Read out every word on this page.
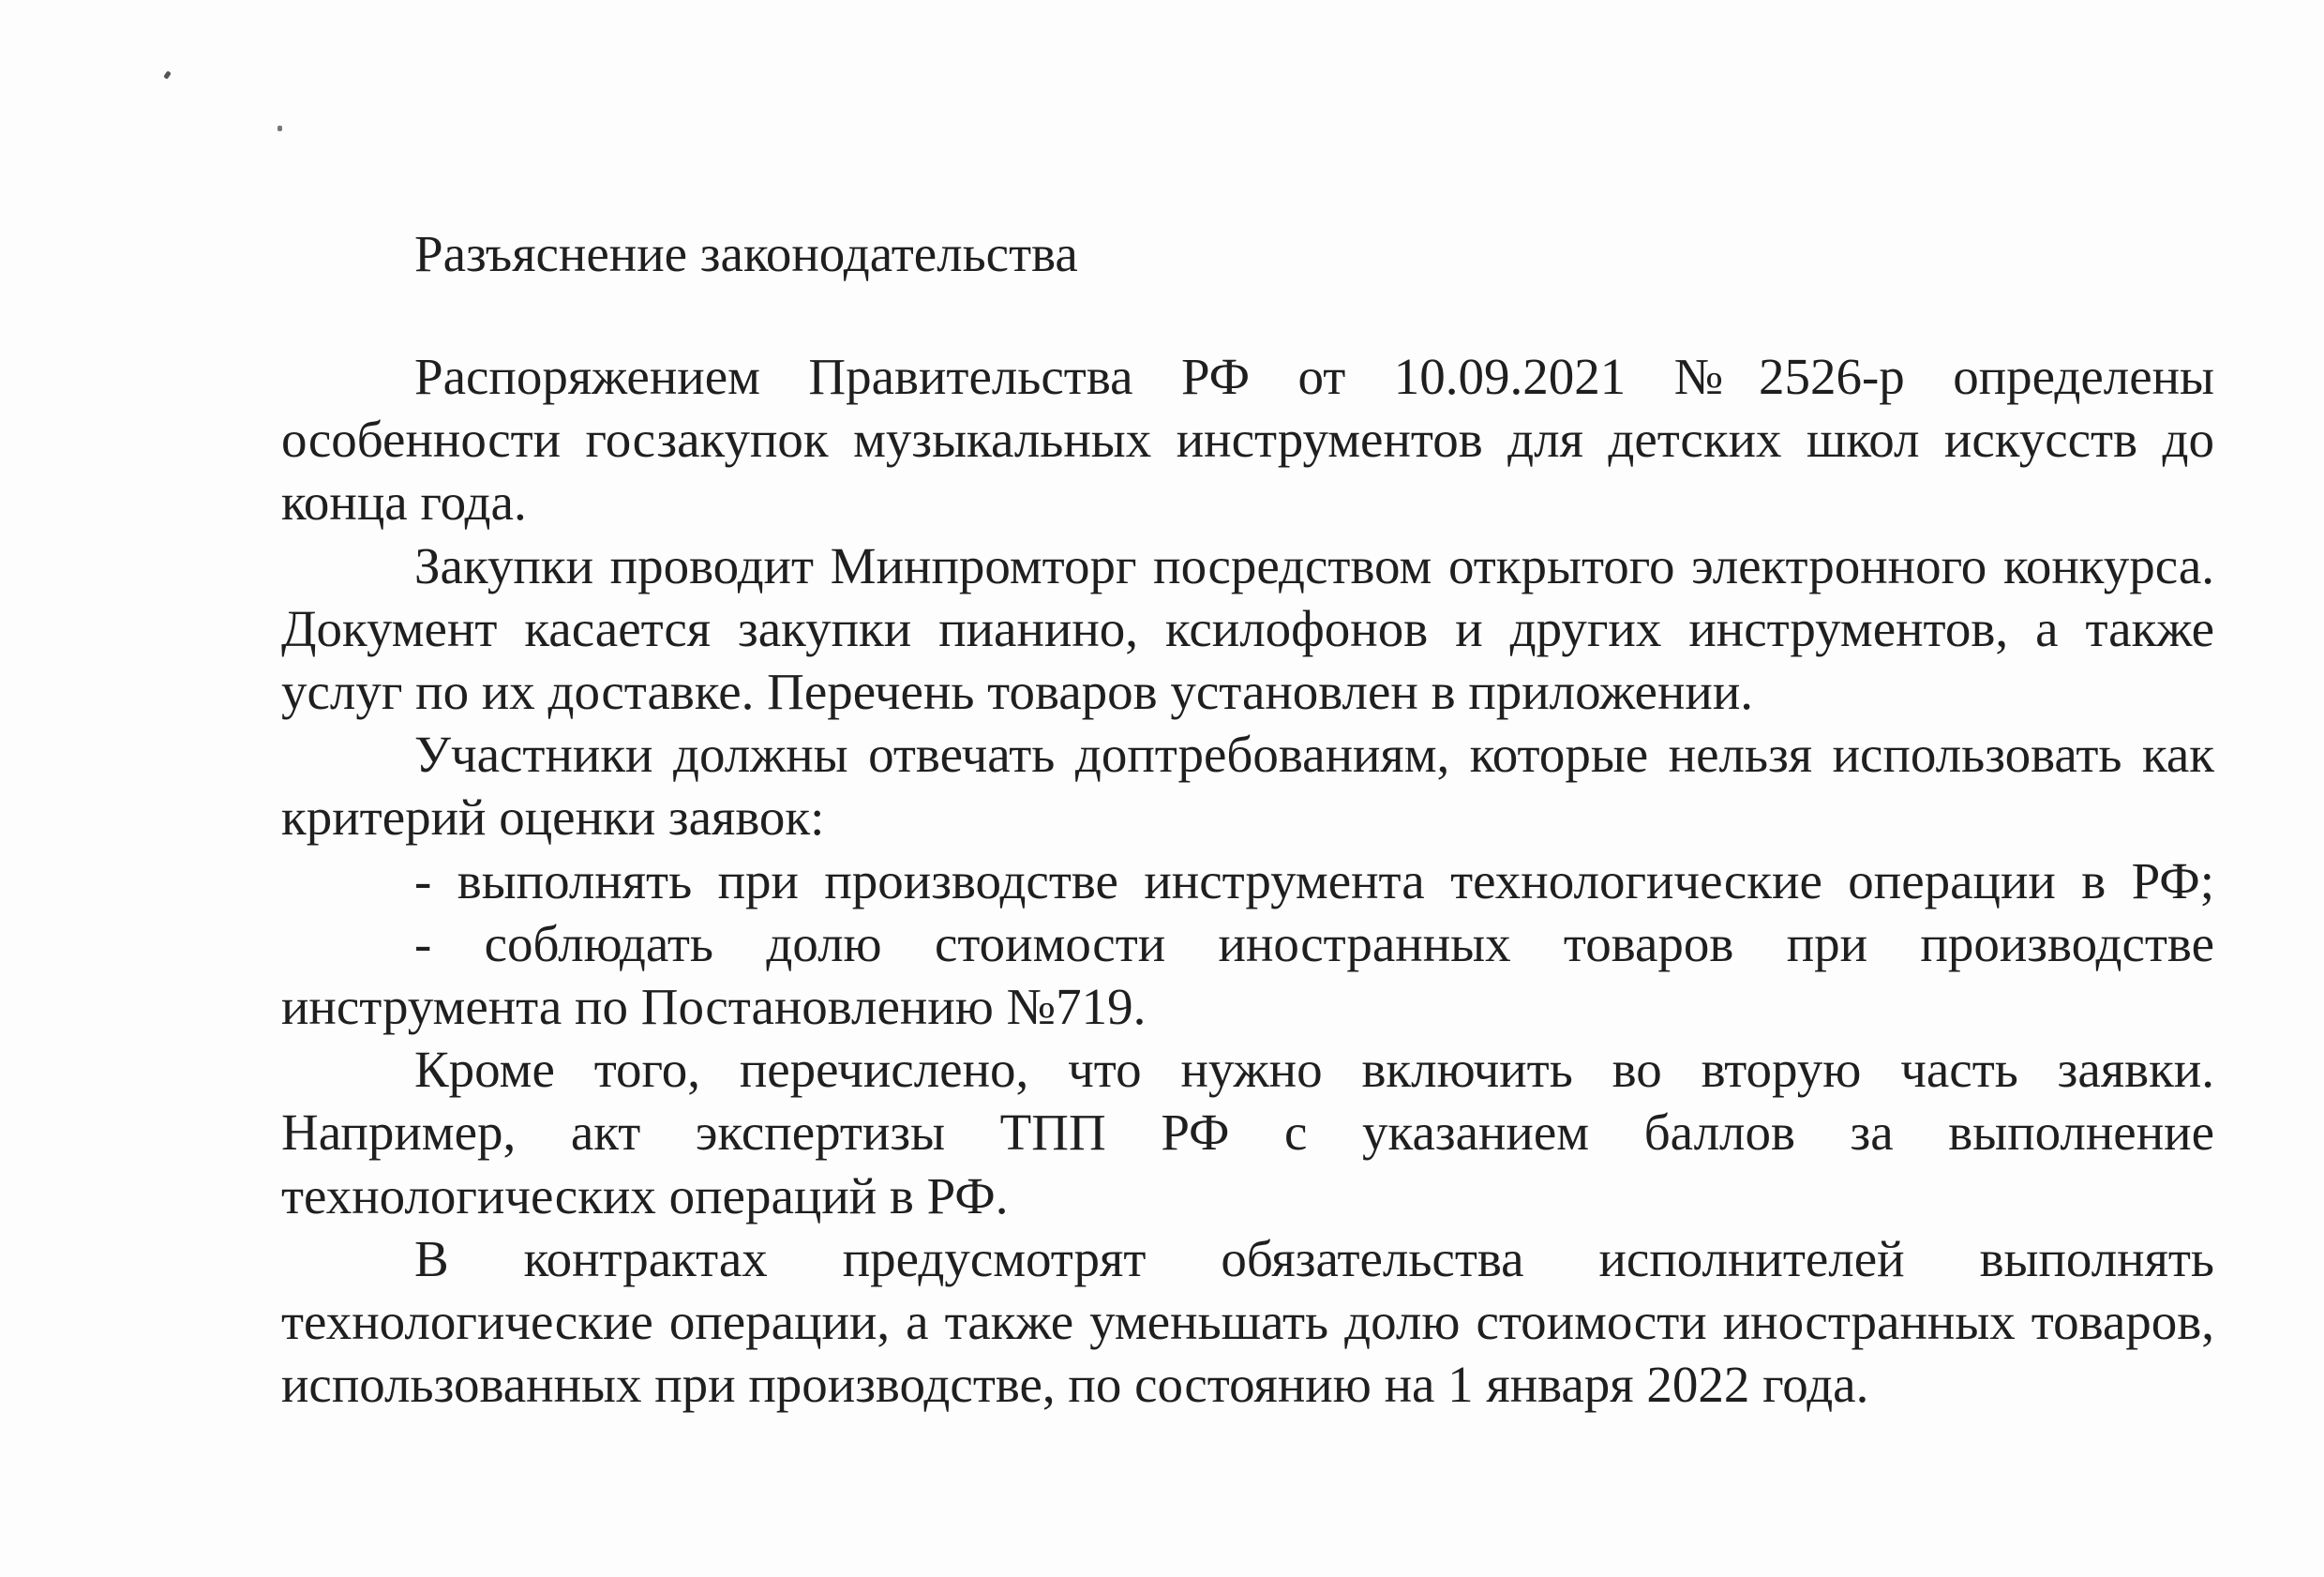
Разъяснение законодательства

Распоряжением Правительства РФ от 10.09.2021 №2526-р определены особенности госзакупок музыкальных инструментов для детских школ искусств до конца года.

Закупки проводит Минпромторг посредством открытого электронного конкурса. Документ касается закупки пианино, ксилофонов и других инструментов, а также услуг по их доставке. Перечень товаров установлен в приложении.

Участники должны отвечать доптребованиям, которые нельзя использовать как критерий оценки заявок:

- выполнять при производстве инструмента технологические операции в РФ;

- соблюдать долю стоимости иностранных товаров при производстве инструмента по Постановлению №719.

Кроме того, перечислено, что нужно включить во вторую часть заявки. Например, акт экспертизы ТПП РФ с указанием баллов за выполнение технологических операций в РФ.

В контрактах предусмотрят обязательства исполнителей выполнять технологические операции, а также уменьшать долю стоимости иностранных товаров, использованных при производстве, по состоянию на 1 января 2022 года.
